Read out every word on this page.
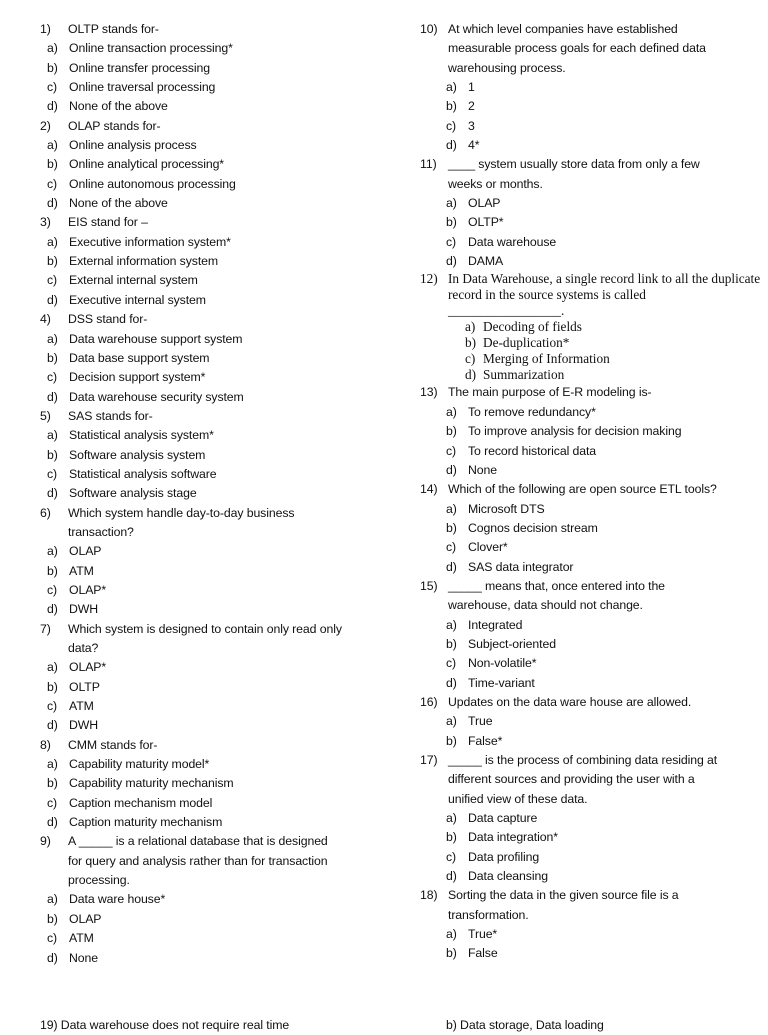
1) OLTP stands for-
a) Online transaction processing*
b) Online transfer processing
c) Online traversal processing
d) None of the above
2) OLAP stands for-
a) Online analysis process
b) Online analytical processing*
c) Online autonomous processing
d) None of the above
3) EIS stand for –
a) Executive information system*
b) External information system
c) External internal system
d) Executive internal system
4) DSS stand for-
a) Data warehouse support system
b) Data base support system
c) Decision support system*
d) Data warehouse security system
5) SAS stands for-
a) Statistical analysis system*
b) Software analysis system
c) Statistical analysis software
d) Software analysis stage
6) Which system handle day-to-day business
transaction?
a) OLAP
b) ATM
c) OLAP*
d) DWH
7) Which system is designed to contain only read only
data?
a) OLAP*
b) OLTP
c) ATM
d) DWH
8) CMM stands for-
a) Capability maturity model*
b) Capability maturity mechanism
c) Caption mechanism model
d) Caption maturity mechanism
9) A _____ is a relational database that is designed
for query and analysis rather than for transaction
processing.
a) Data ware house*
b) OLAP
c) ATM
d) None
10) At which level companies have established
measurable process goals for each defined data
warehousing process.
a) 1
b) 2
c) 3
d) 4*
11) ____ system usually store data from only a few
weeks or months.
a) OLAP
b) OLTP*
c) Data warehouse
d) DAMA
12) In Data Warehouse, a single record link to all the duplicate
record in the source systems is called
_________________.
a) Decoding of fields
b) De-duplication*
c) Merging of Information
d) Summarization
13) The main purpose of E-R modeling is-
a) To remove redundancy*
b) To improve analysis for decision making
c) To record historical data
d) None
14) Which of the following are open source ETL tools?
a) Microsoft DTS
b) Cognos decision stream
c) Clover*
d) SAS data integrator
15) _____ means that, once entered into the
warehouse, data should not change.
a) Integrated
b) Subject-oriented
c) Non-volatile*
d) Time-variant
16) Updates on the data ware house are allowed.
a) True
b) False*
17) _____ is the process of combining data residing at
different sources and providing the user with a
unified view of these data.
a) Data capture
b) Data integration*
c) Data profiling
d) Data cleansing
18) Sorting the data in the given source file is a
transformation.
a) True*
b) False
19) Data warehouse does not require real time	b) Data storage, Data loading
